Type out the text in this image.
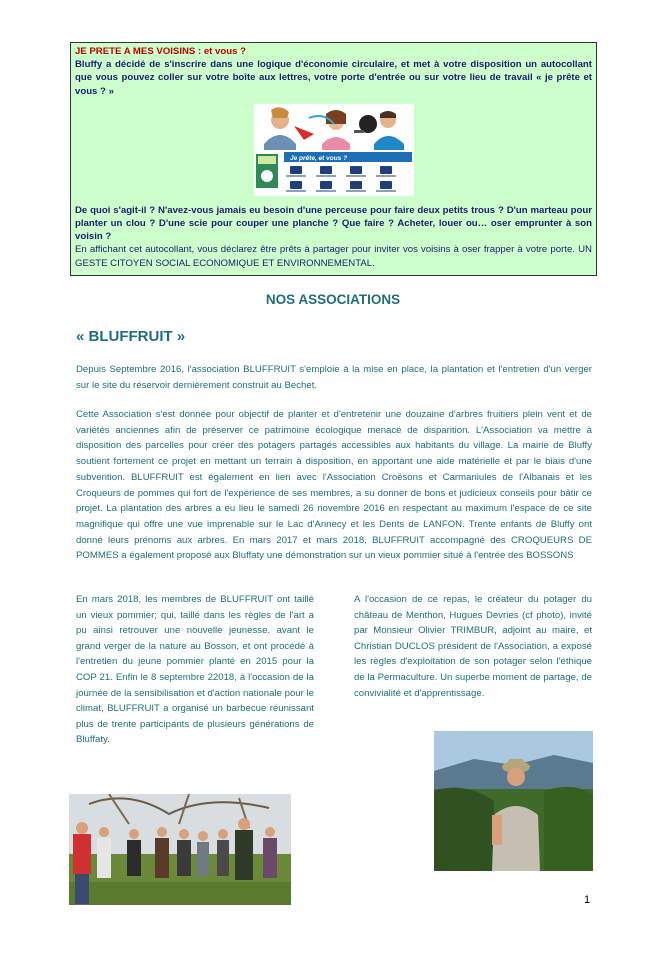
JE PRETE A MES VOISINS : et vous ?

Bluffy a décidé de s'inscrire dans une logique d'économie circulaire, et met à votre disposition un autocollant que vous pouvez coller sur votre boîte aux lettres, votre porte d'entrée ou sur votre lieu de travail « je prête et vous ? »

Je prête, et vous ?

De quoi s'agit-il ? N'avez-vous jamais eu besoin d'une perceuse pour faire deux petits trous ? D'un marteau pour planter un clou ? D'une scie pour couper une planche ? Que faire ? Acheter, louer ou… oser emprunter à son voisin ?

En affichant cet autocollant, vous déclarez être prêts à partager pour inviter vos voisins à oser frapper à votre porte. UN GESTE CITOYEN SOCIAL ECONOMIQUE ET ENVIRONNEMENTAL.

NOS ASSOCIATIONS
« BLUFFRUIT »

Depuis Septembre 2016, l'association BLUFFRUIT s'emploie à la mise en place, la plantation et l'entretien d'un verger sur le site du réservoir dernièrement construit au Bechet.

Cette Association s'est donnée pour objectif de planter et d'entretenir une douzaine d'arbres fruitiers plein vent et de variétés anciennes afin de préserver ce patrimoine écologique menacé de disparition. L'Association va mettre à disposition des parcelles pour créer des potagers partagés accessibles aux habitants du village. La mairie de Bluffy soutient fortement ce projet en mettant un terrain à disposition, en apportant une aide matérielle et par le biais d'une subvention. BLUFFRUIT est également en lien avec l'Association Croësons et Carmaniules de l'Albanais et les Croqueurs de pommes qui fort de l'expérience de ses membres, a su donner de bons et judicieux conseils pour bâtir ce projet. La plantation des arbres a eu lieu le samedi 26 novembre 2016 en respectant au maximum l'espace de ce site magnifique qui offre une vue imprenable sur le Lac d'Annecy et les Dents de LANFON. Trente enfants de Bluffy ont donné leurs prénoms aux arbres. En mars 2017 et mars 2018, BLUFFRUIT accompagné des CROQUEURS DE POMMES a également proposé aux Bluffaty une démonstration sur un vieux pommier situé à l'entrée des BOSSONS

En mars 2018, les membres de BLUFFRUIT ont taillé un vieux pommier; qui, taillé dans les règles de l'art a pu ainsi retrouver une nouvelle jeunesse. avant le grand verger de la nature au Bosson, et ont procédé à l'entretien du jeune pommier planté en 2015 pour la COP 21. Enfin le 8 septembre 22018, à l'occasion de la journée de la sensibilisation et d'action nationale pour le climat, BLUFFRUIT a organisé un barbecue réunissant plus de trente participants de plusieurs générations de Bluffaty.

A l'occasion de ce repas, le créateur du potager du château de Menthon, Hugues Devries (cf photo), invité par Monsieur Olivier TRIMBUR, adjoint au maire, et Christian DUCLOS président de l'Association, a exposé les règles d'exploitation de son potager selon l'éthique de la Permaculture. Un superbe moment de partage, de convivialité et d'apprentissage.

1
